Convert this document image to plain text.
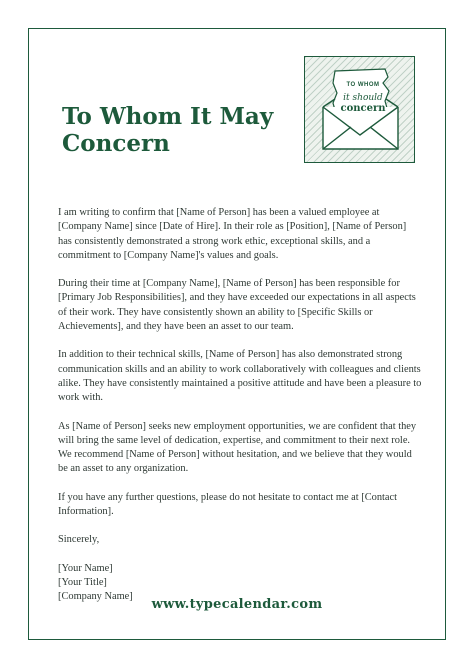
To Whom It May Concern
TO WHOM
it should
concern

I am writing to confirm that [Name of Person] has been a valued employee at [Company Name] since [Date of Hire]. In their role as [Position], [Name of Person] has consistently demonstrated a strong work ethic, exceptional skills, and a commitment to [Company Name]'s values and goals.

During their time at [Company Name], [Name of Person] has been responsible for [Primary Job Responsibilities], and they have exceeded our expectations in all aspects of their work. They have consistently shown an ability to [Specific Skills or Achievements], and they have been an asset to our team.

In addition to their technical skills, [Name of Person] has also demonstrated strong communication skills and an ability to work collaboratively with colleagues and clients alike. They have consistently maintained a positive attitude and have been a pleasure to work with.

As [Name of Person] seeks new employment opportunities, we are confident that they will bring the same level of dedication, expertise, and commitment to their next role. We recommend [Name of Person] without hesitation, and we believe that they would be an asset to any organization.

If you have any further questions, please do not hesitate to contact me at [Contact Information].

Sincerely,

[Your Name]
[Your Title]
[Company Name]
www.typecalendar.com
